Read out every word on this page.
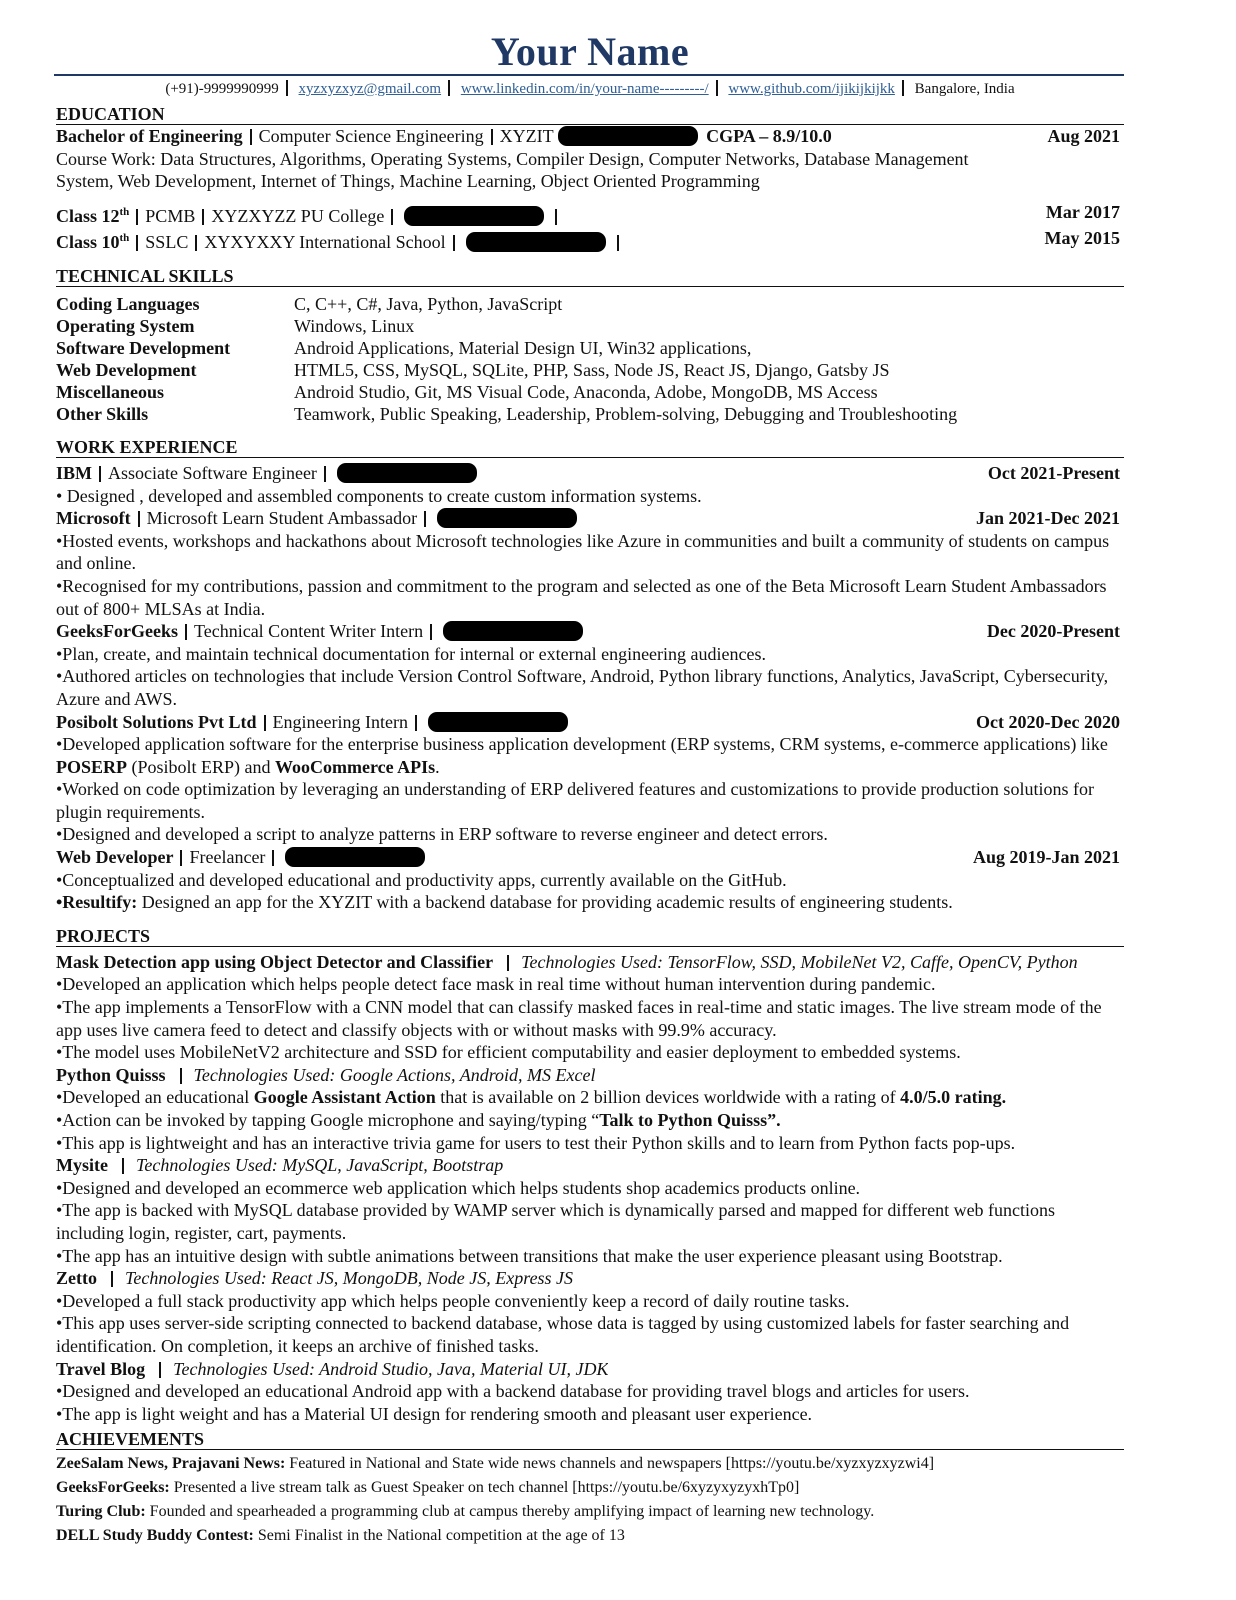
Your Name
(+91)-9999990999 xyzxyzxyz@gmail.com www.linkedin.com/in/your-name---------/ www.github.com/ijikijkijkk Bangalore, India
EDUCATION
Bachelor of Engineering Computer Science Engineering XYZIT	CGPA – 8.9/10.0	Aug 2021
Course Work: Data Structures, Algorithms, Operating Systems, Compiler Design, Computer Networks, Database Management System, Web Development, Internet of Things, Machine Learning, Object Oriented Programming
Class 12th PCMB XYZXYZZ PU College	Mar 2017
Class 10th SSLC XYXYXXY International School	May 2015
TECHNICAL SKILLS
Coding Languages	C, C++, C#, Java, Python, JavaScript
Operating System	Windows, Linux
Software Development	Android Applications, Material Design UI, Win32 applications,
Web Development	HTML5, CSS, MySQL, SQLite, PHP, Sass, Node JS, React JS, Django, Gatsby JS
Miscellaneous	Android Studio, Git, MS Visual Code, Anaconda, Adobe, MongoDB, MS Access
Other Skills	Teamwork, Public Speaking, Leadership, Problem-solving, Debugging and Troubleshooting
WORK EXPERIENCE
IBM Associate Software Engineer	Oct 2021-Present
• Designed , developed and assembled components to create custom information systems.
Microsoft Microsoft Learn Student Ambassador	Jan 2021-Dec 2021
•Hosted events, workshops and hackathons about Microsoft technologies like Azure in communities and built a community of students on campus and online.
•Recognised for my contributions, passion and commitment to the program and selected as one of the Beta Microsoft Learn Student Ambassadors out of 800+ MLSAs at India.
GeeksForGeeks Technical Content Writer Intern	Dec 2020-Present
•Plan, create, and maintain technical documentation for internal or external engineering audiences.
•Authored articles on technologies that include Version Control Software, Android, Python library functions, Analytics, JavaScript, Cybersecurity, Azure and AWS.
Posibolt Solutions Pvt Ltd Engineering Intern	Oct 2020-Dec 2020
•Developed application software for the enterprise business application development (ERP systems, CRM systems, e-commerce applications) like POSERP (Posibolt ERP) and WooCommerce APIs.
•Worked on code optimization by leveraging an understanding of ERP delivered features and customizations to provide production solutions for plugin requirements.
•Designed and developed a script to analyze patterns in ERP software to reverse engineer and detect errors.
Web Developer Freelancer	Aug 2019-Jan 2021
•Conceptualized and developed educational and productivity apps, currently available on the GitHub.
•Resultify: Designed an app for the XYZIT with a backend database for providing academic results of engineering students.
PROJECTS
Mask Detection app using Object Detector and Classifier Technologies Used: TensorFlow, SSD, MobileNet V2, Caffe, OpenCV, Python
•Developed an application which helps people detect face mask in real time without human intervention during pandemic.
•The app implements a TensorFlow with a CNN model that can classify masked faces in real-time and static images. The live stream mode of the app uses live camera feed to detect and classify objects with or without masks with 99.9% accuracy.
•The model uses MobileNetV2 architecture and SSD for efficient computability and easier deployment to embedded systems.
Python Quisss Technologies Used: Google Actions, Android, MS Excel
•Developed an educational Google Assistant Action that is available on 2 billion devices worldwide with a rating of 4.0/5.0 rating.
•Action can be invoked by tapping Google microphone and saying/typing “Talk to Python Quisss”.
•This app is lightweight and has an interactive trivia game for users to test their Python skills and to learn from Python facts pop-ups.
Mysite Technologies Used: MySQL, JavaScript, Bootstrap
•Designed and developed an ecommerce web application which helps students shop academics products online.
•The app is backed with MySQL database provided by WAMP server which is dynamically parsed and mapped for different web functions including login, register, cart, payments.
•The app has an intuitive design with subtle animations between transitions that make the user experience pleasant using Bootstrap.
Zetto Technologies Used: React JS, MongoDB, Node JS, Express JS
•Developed a full stack productivity app which helps people conveniently keep a record of daily routine tasks.
•This app uses server-side scripting connected to backend database, whose data is tagged by using customized labels for faster searching and identification. On completion, it keeps an archive of finished tasks.
Travel Blog Technologies Used: Android Studio, Java, Material UI, JDK
•Designed and developed an educational Android app with a backend database for providing travel blogs and articles for users.
•The app is light weight and has a Material UI design for rendering smooth and pleasant user experience.
ACHIEVEMENTS
ZeeSalam News, Prajavani News: Featured in National and State wide news channels and newspapers [https://youtu.be/xyzxyzxyzwi4]
GeeksForGeeks: Presented a live stream talk as Guest Speaker on tech channel [https://youtu.be/6xyzyxyzyxhTp0]
Turing Club: Founded and spearheaded a programming club at campus thereby amplifying impact of learning new technology.
DELL Study Buddy Contest: Semi Finalist in the National competition at the age of 13
